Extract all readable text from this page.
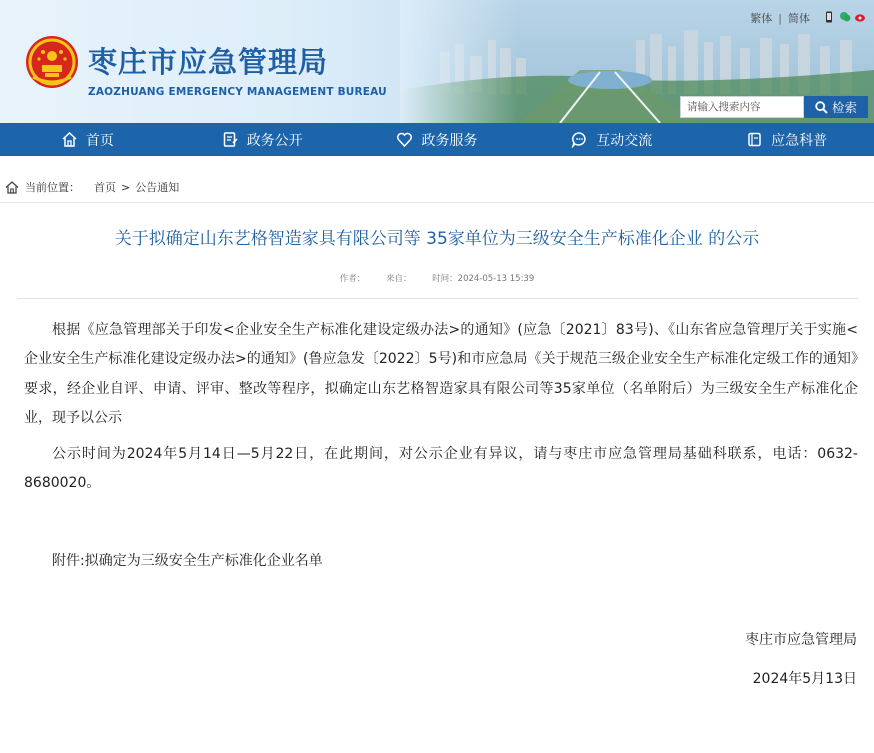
枣庄市应急管理局
ZAOZHUANG EMERGENCY MANAGEMENT BUREAU
繁体 | 简体
请输入搜索内容
检索
首页	政务公开	政务服务	互动交流	应急科普
当前位置： 首页 > 公告通知
关于拟确定山东艺格智造家具有限公司等 35家单位为三级安全生产标准化企业 的公示
作者： 来自： 时间：2024-05-13 15:39

根据《应急管理部关于印发<企业安全生产标准化建设定级办法>的通知》(应急〔2021〕83号)、《山东省应急管理厅关于实施<企业安全生产标准化建设定级办法>的通知》(鲁应急发〔2022〕5号)和市应急局《关于规范三级企业安全生产标准化定级工作的通知》要求，经企业自评、申请、评审、整改等程序，拟确定山东艺格智造家具有限公司等35家单位（名单附后）为三级安全生产标准化企业，现予以公示

公示时间为2024年5月14日—5月22日，在此期间，对公示企业有异议，请与枣庄市应急管理局基础科联系，电话：0632-8680020。

附件:拟确定为三级安全生产标准化企业名单
枣庄市应急管理局
2024年5月13日
